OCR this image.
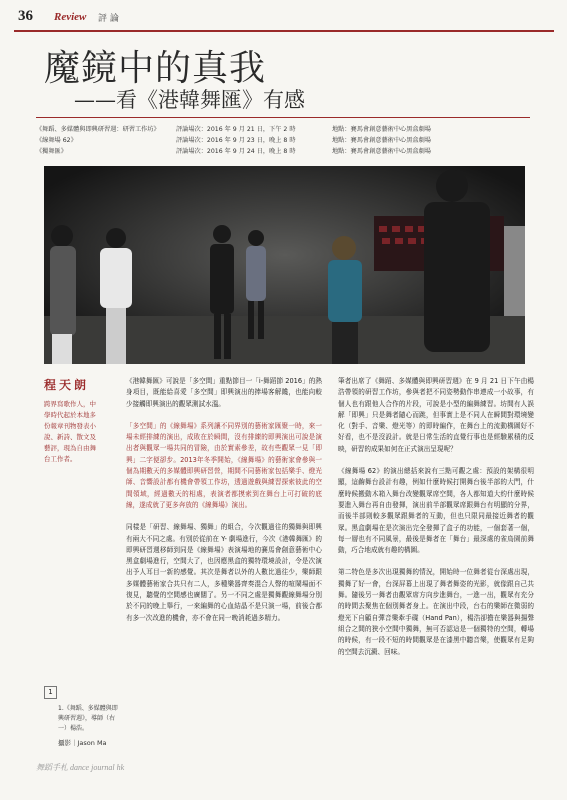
36 Review 評 論
魔鏡中的真我
——看《港韓舞匯》有感
《舞蹈、多媒體與即興研習週：研習工作坊》	評論場次：2016 年 9 月 21 日，下午 2 時	地點：賽馬會創意藝術中心黑盒劇場
《線舞場 62》	評論場次：2016 年 9 月 23 日，晚上 8 時	地點：賽馬會創意藝術中心黑盒劇場
《獨舞匯》	評論場次：2016 年 9 月 24 日，晚上 8 時	地點：賽馬會創意藝術中心黑盒劇場
程天朗
跨界寫歌作人，中學時代起於本地多份報章刊物發表小說、新詩、散文及藝評，現為自由舞台工作者。
1
1.《舞蹈、多媒體與即興研習週》，導師（右一）楊浩。
攝影｜Jason Ma

《港韓舞匯》可說是「多空間」重點節目一「i-舞蹈節 2016」的熱身項目，既能給喜愛「多空間」即興演出的捧場客解饞，也能向較少接觸即興演出的觀眾測試水溫。

「多空間」的《線舞場》系列讓不同界別的藝術家匯聚一時，來一場未經排練的演出，成敗在於瞬間，沒有排練的即興演出可說是演出者與觀眾一場共同的冒險，由於實素參差，故有些觀眾一見「即興」二字便卻步。2013年冬季開始，《線舞場》的藝術家會參與一個為期數天的多媒體即興研習營，期間不同藝術家包括樂手、燈光師、音響設計都有機會帶領工作坊，透過遊戲與練習探索彼此的空間領域，經過數天的相處，表演者都摸索到在舞台上可打破的底線，遂成就了更多奔放的《線舞場》演出。

同樣是「研習、線舞場、獨舞」的組合，今次觀過往的獨舞與即興有兩大不同之處。有別於從前在 Y- 劇場進行，今次《港韓舞匯》的即興研習週移師到同是《線舞場》表演場地的賽馬會創意藝術中心黑盒劇場進行，空間大了，也因應黑盒的獨特環境設計，令是次演出予人耳目一新的感覺。其次是舞者以外的人數比過往少，樂師跟多媒體藝術家合共只有二人，多種樂器齊奏混合人聲的喧鬧場面不復見，聽覺的空間感也廣闊了。另一不同之處是獨舞觀線舞場分別於不同的晚上舉行，一來編舞的心血結晶不是只演一場，前後合都有多一次改進的機會，亦不會在同一晚消耗過多精力。

筆者出席了《舞蹈、多媒體與即興研習週》在 9 月 21 日下午由楊浩帶領的研習工作坊，參與者把不同姿勢動作串連成一小故事，有個人也有跟他人合作的片段，可說是小型的編舞練習。坊間有人誤解「即興」只是舞者隨心而跳，但事實上是不同人在瞬間對環境變化（對手、音樂、燈光等）的即時編作，在舞台上的流動構圖好不好看，也不是沒設計。就是日常生活的直覺行事也是經驗累積的反映，研習的成果如何在正式演出呈現呢？

《線舞場 62》的演出總括來說有三點可觀之處：預設的架構很明顯，這齣舞台設計有趣，例如什麼時候打開舞台後半部的大門，什麼時候搬動木箱入舞台改變觀眾席空間，各人都知道大約什麼時候要進入舞台再自由發揮，演出前半部觀眾席跟舞台有明顯的分界，而後半部則較多觀眾跟舞者的互動，但也只限同最接近舞者的觀眾。黑盒劇場在是次演出完全發揮了盒子的功能，一個套著一個，每一層也有不同風景，最後是舞者在「舞台」最深處的雀鳥園前舞動，巧合地成就有趣的構圖。

第二特色是多次出現獨舞的情況，開始時一位舞者從台深處出現，獨舞了好一會，台深屏幕上出現了舞者舞姿的光影，就像跟自己共舞。隨後另一舞者由觀眾席方向步進舞台，一進一出，觀眾有充分的時間去聚焦在個別舞者身上。在演出中段，台右的樂師在微弱的燈光下自顧自彈音樂牽手碟（Hand Pan），楊浩卻擔在樂器與揚聲組合之間的狹小空間中獨舞，無可否認這是一個獨特的空間，轉場的時候，有一段不短的時間觀眾是在漆黑中聽音樂，使觀眾有足夠的空間去沉澱、回味。

舞蹈手札 dance journal hk
